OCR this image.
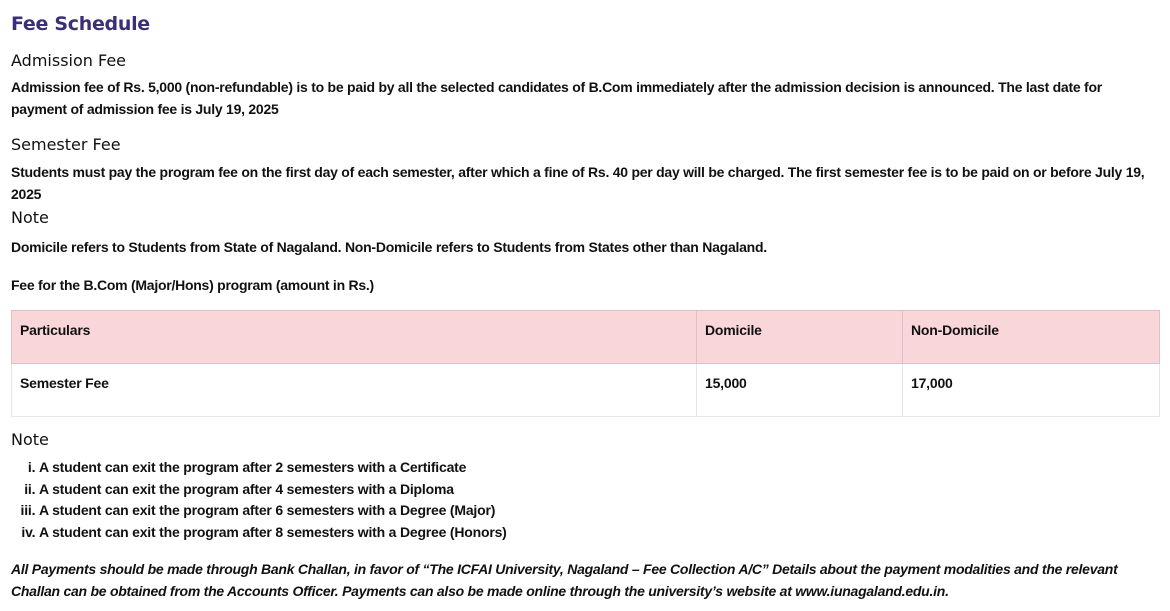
Fee Schedule
Admission Fee
Admission fee of Rs. 5,000 (non-refundable) is to be paid by all the selected candidates of B.Com immediately after the admission decision is announced. The last date for payment of admission fee is July 19, 2025
Semester Fee
Students must pay the program fee on the first day of each semester, after which a fine of Rs. 40 per day will be charged. The first semester fee is to be paid on or before July 19, 2025
Note
Domicile refers to Students from State of Nagaland. Non-Domicile refers to Students from States other than Nagaland.
Fee for the B.Com (Major/Hons) program (amount in Rs.)
Particulars	Domicile	Non-Domicile
Semester Fee	15,000	17,000
Note
i. A student can exit the program after 2 semesters with a Certificate
ii. A student can exit the program after 4 semesters with a Diploma
iii. A student can exit the program after 6 semesters with a Degree (Major)
iv. A student can exit the program after 8 semesters with a Degree (Honors)
All Payments should be made through Bank Challan, in favor of “The ICFAI University, Nagaland – Fee Collection A/C” Details about the payment modalities and the relevant Challan can be obtained from the Accounts Officer. Payments can also be made online through the university’s website at www.iunagaland.edu.in.
